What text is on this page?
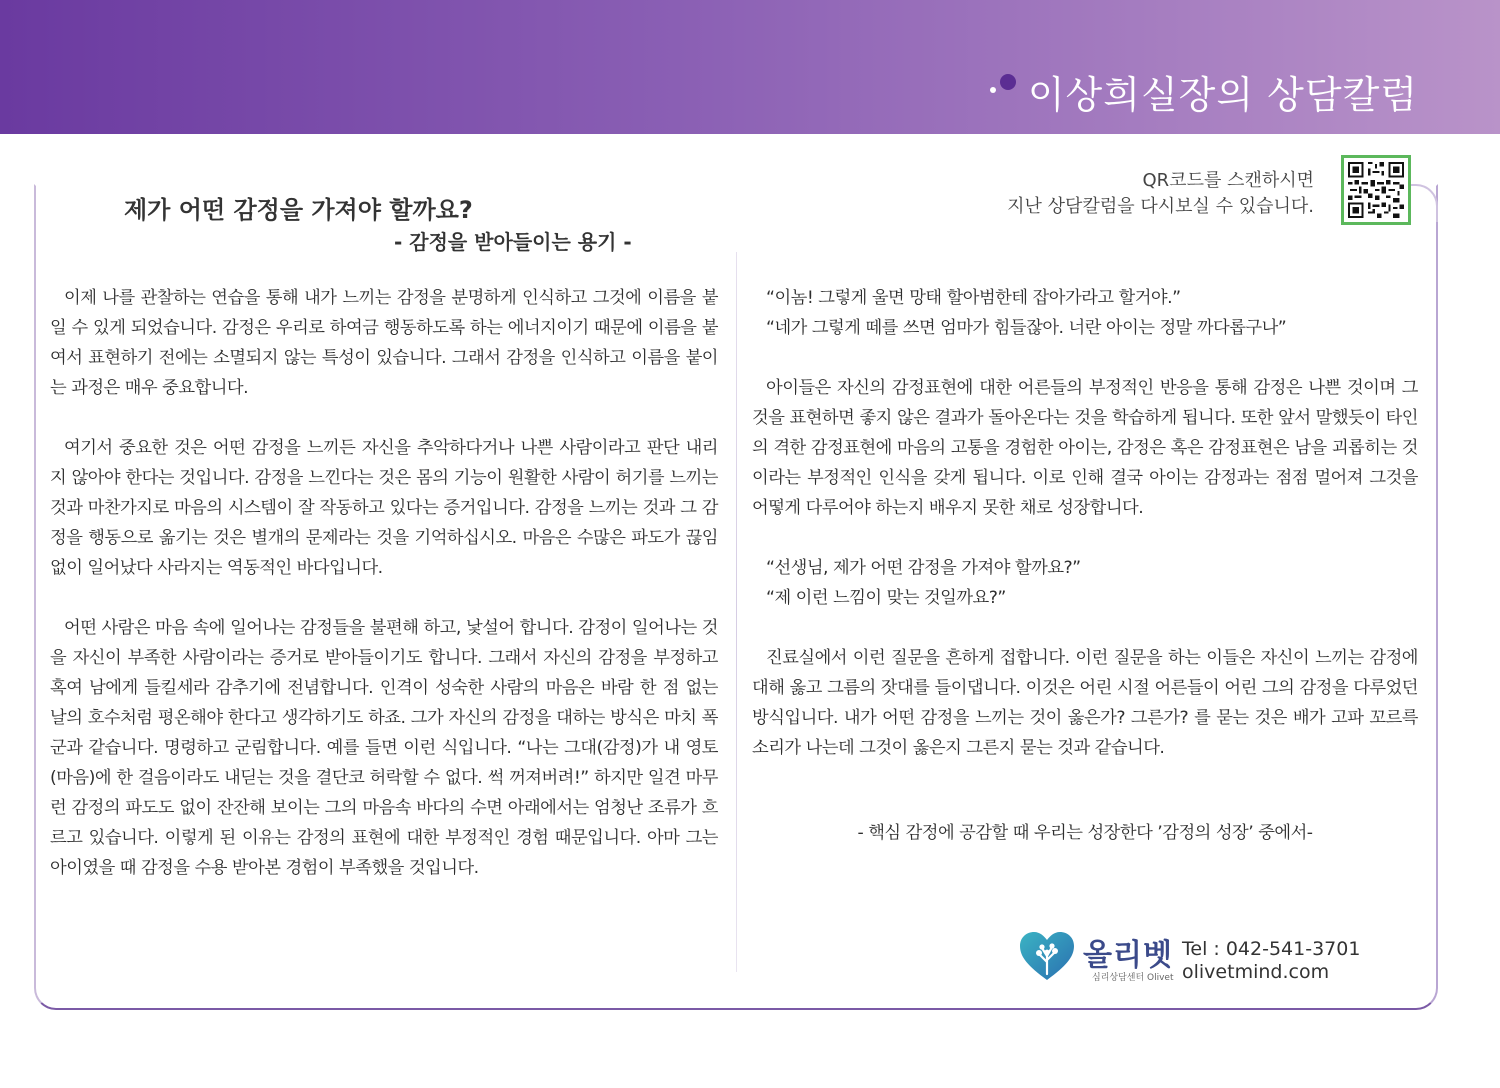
이상희실장의 상담칼럼
제가 어떤 감정을 가져야 할까요?
- 감정을 받아들이는 용기 -
QR코드를 스캔하시면
지난 상담칼럼을 다시보실 수 있습니다.

이제 나를 관찰하는 연습을 통해 내가 느끼는 감정을 분명하게 인식하고 그것에 이름을 붙일 수 있게 되었습니다. 감정은 우리로 하여금 행동하도록 하는 에너지이기 때문에 이름을 붙여서 표현하기 전에는 소멸되지 않는 특성이 있습니다. 그래서 감정을 인식하고 이름을 붙이는 과정은 매우 중요합니다.

여기서 중요한 것은 어떤 감정을 느끼든 자신을 추악하다거나 나쁜 사람이라고 판단 내리지 않아야 한다는 것입니다. 감정을 느낀다는 것은 몸의 기능이 원활한 사람이 허기를 느끼는 것과 마찬가지로 마음의 시스템이 잘 작동하고 있다는 증거입니다. 감정을 느끼는 것과 그 감정을 행동으로 옮기는 것은 별개의 문제라는 것을 기억하십시오. 마음은 수많은 파도가 끊임없이 일어났다 사라지는 역동적인 바다입니다.

어떤 사람은 마음 속에 일어나는 감정들을 불편해 하고, 낯설어 합니다. 감정이 일어나는 것을 자신이 부족한 사람이라는 증거로 받아들이기도 합니다. 그래서 자신의 감정을 부정하고 혹여 남에게 들킬세라 감추기에 전념합니다. 인격이 성숙한 사람의 마음은 바람 한 점 없는 날의 호수처럼 평온해야 한다고 생각하기도 하죠. 그가 자신의 감정을 대하는 방식은 마치 폭군과 같습니다. 명령하고 군림합니다. 예를 들면 이런 식입니다. “나는 그대(감정)가 내 영토(마음)에 한 걸음이라도 내딛는 것을 결단코 허락할 수 없다. 썩 꺼져버려!” 하지만 일견 마무런 감정의 파도도 없이 잔잔해 보이는 그의 마음속 바다의 수면 아래에서는 엄청난 조류가 흐르고 있습니다. 이렇게 된 이유는 감정의 표현에 대한 부정적인 경험 때문입니다. 아마 그는 아이였을 때 감정을 수용 받아본 경험이 부족했을 것입니다.

“이놈! 그렇게 울면 망태 할아범한테 잡아가라고 할거야.”

“네가 그렇게 떼를 쓰면 엄마가 힘들잖아. 너란 아이는 정말 까다롭구나”

아이들은 자신의 감정표현에 대한 어른들의 부정적인 반응을 통해 감정은 나쁜 것이며 그것을 표현하면 좋지 않은 결과가 돌아온다는 것을 학습하게 됩니다. 또한 앞서 말했듯이 타인의 격한 감정표현에 마음의 고통을 경험한 아이는, 감정은 혹은 감정표현은 남을 괴롭히는 것이라는 부정적인 인식을 갖게 됩니다. 이로 인해 결국 아이는 감정과는 점점 멀어져 그것을 어떻게 다루어야 하는지 배우지 못한 채로 성장합니다.

“선생님, 제가 어떤 감정을 가져야 할까요?”

“제 이런 느낌이 맞는 것일까요?”

진료실에서 이런 질문을 흔하게 접합니다. 이런 질문을 하는 이들은 자신이 느끼는 감정에 대해 옳고 그름의 잣대를 들이댑니다. 이것은 어린 시절 어른들이 어린 그의 감정을 다루었던 방식입니다. 내가 어떤 감정을 느끼는 것이 옳은가? 그른가? 를 묻는 것은 배가 고파 꼬르륵 소리가 나는데 그것이 옳은지 그른지 묻는 것과 같습니다.

- 핵심 감정에 공감할 때 우리는 성장한다 ’감정의 성장’ 중에서-
올리벳
심리상담센터 Olivet
Tel : 042-541-3701
olivetmind.com
